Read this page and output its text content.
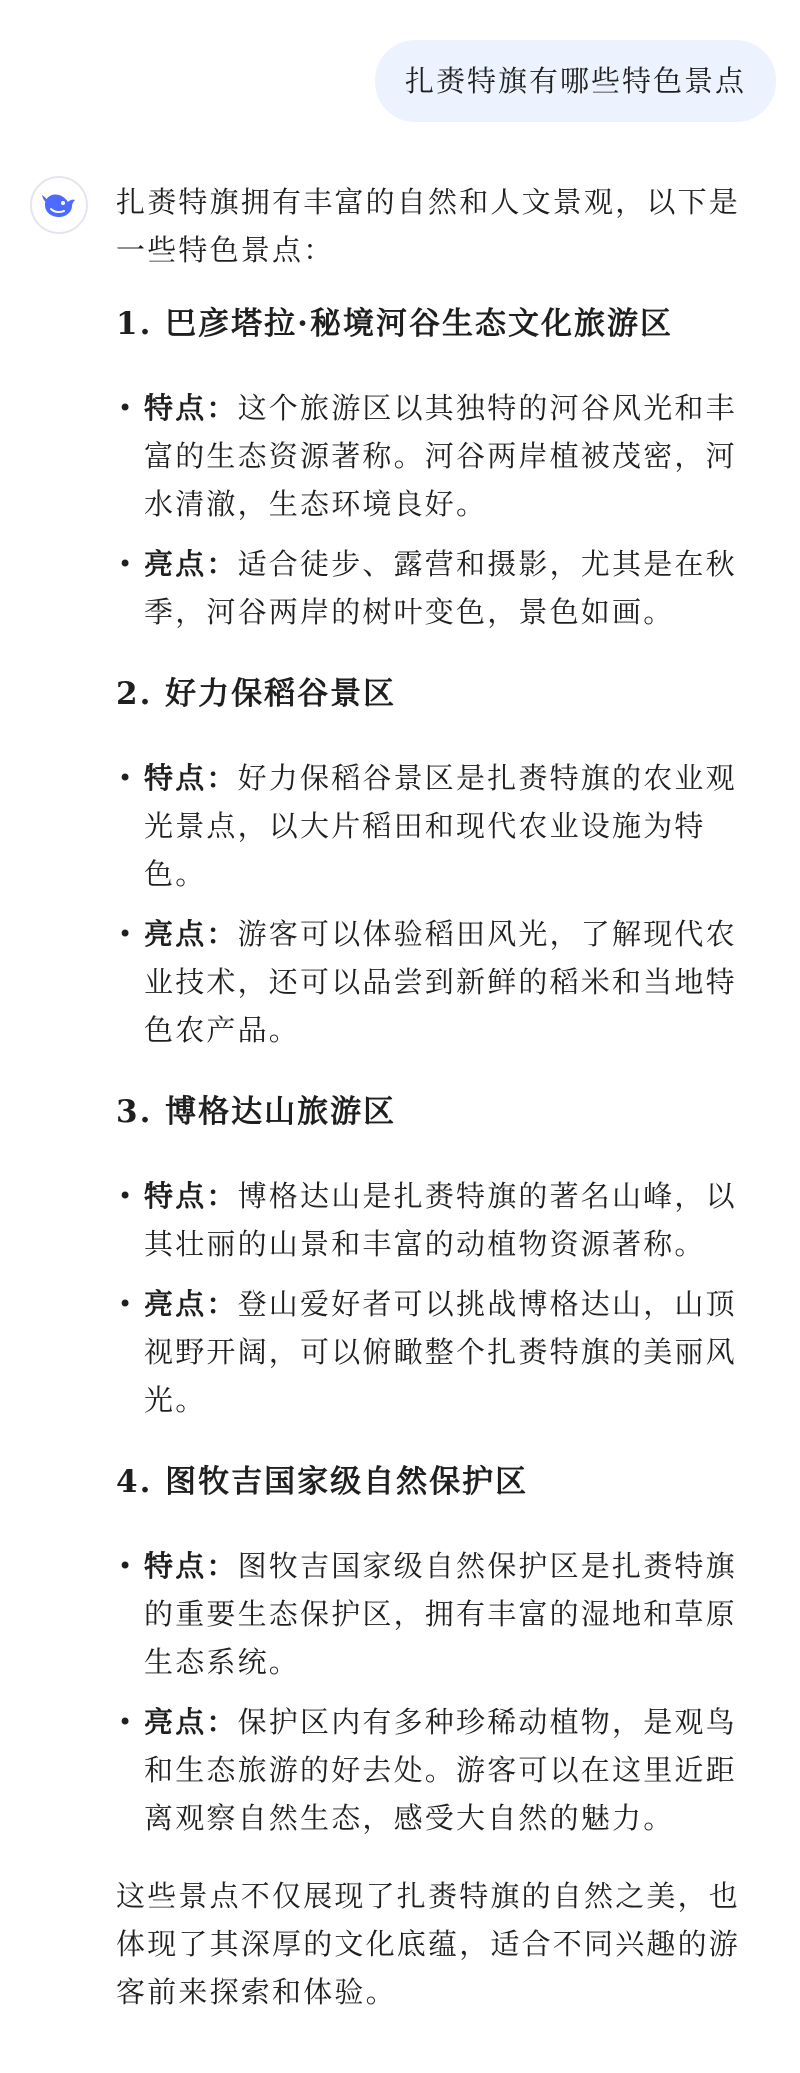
扎赉特旗有哪些特色景点

扎赉特旗拥有丰富的自然和人文景观，以下是一些特色景点：

1. 巴彦塔拉·秘境河谷生态文化旅游区
• 特点：这个旅游区以其独特的河谷风光和丰富的生态资源著称。河谷两岸植被茂密，河水清澈，生态环境良好。
• 亮点：适合徒步、露营和摄影，尤其是在秋季，河谷两岸的树叶变色，景色如画。
2. 好力保稻谷景区
• 特点：好力保稻谷景区是扎赉特旗的农业观光景点，以大片稻田和现代农业设施为特色。
• 亮点：游客可以体验稻田风光，了解现代农业技术，还可以品尝到新鲜的稻米和当地特色农产品。
3. 博格达山旅游区
• 特点：博格达山是扎赉特旗的著名山峰，以其壮丽的山景和丰富的动植物资源著称。
• 亮点：登山爱好者可以挑战博格达山，山顶视野开阔，可以俯瞰整个扎赉特旗的美丽风光。
4. 图牧吉国家级自然保护区
• 特点：图牧吉国家级自然保护区是扎赉特旗的重要生态保护区，拥有丰富的湿地和草原生态系统。
• 亮点：保护区内有多种珍稀动植物，是观鸟和生态旅游的好去处。游客可以在这里近距离观察自然生态，感受大自然的魅力。

这些景点不仅展现了扎赉特旗的自然之美，也体现了其深厚的文化底蕴，适合不同兴趣的游客前来探索和体验。
